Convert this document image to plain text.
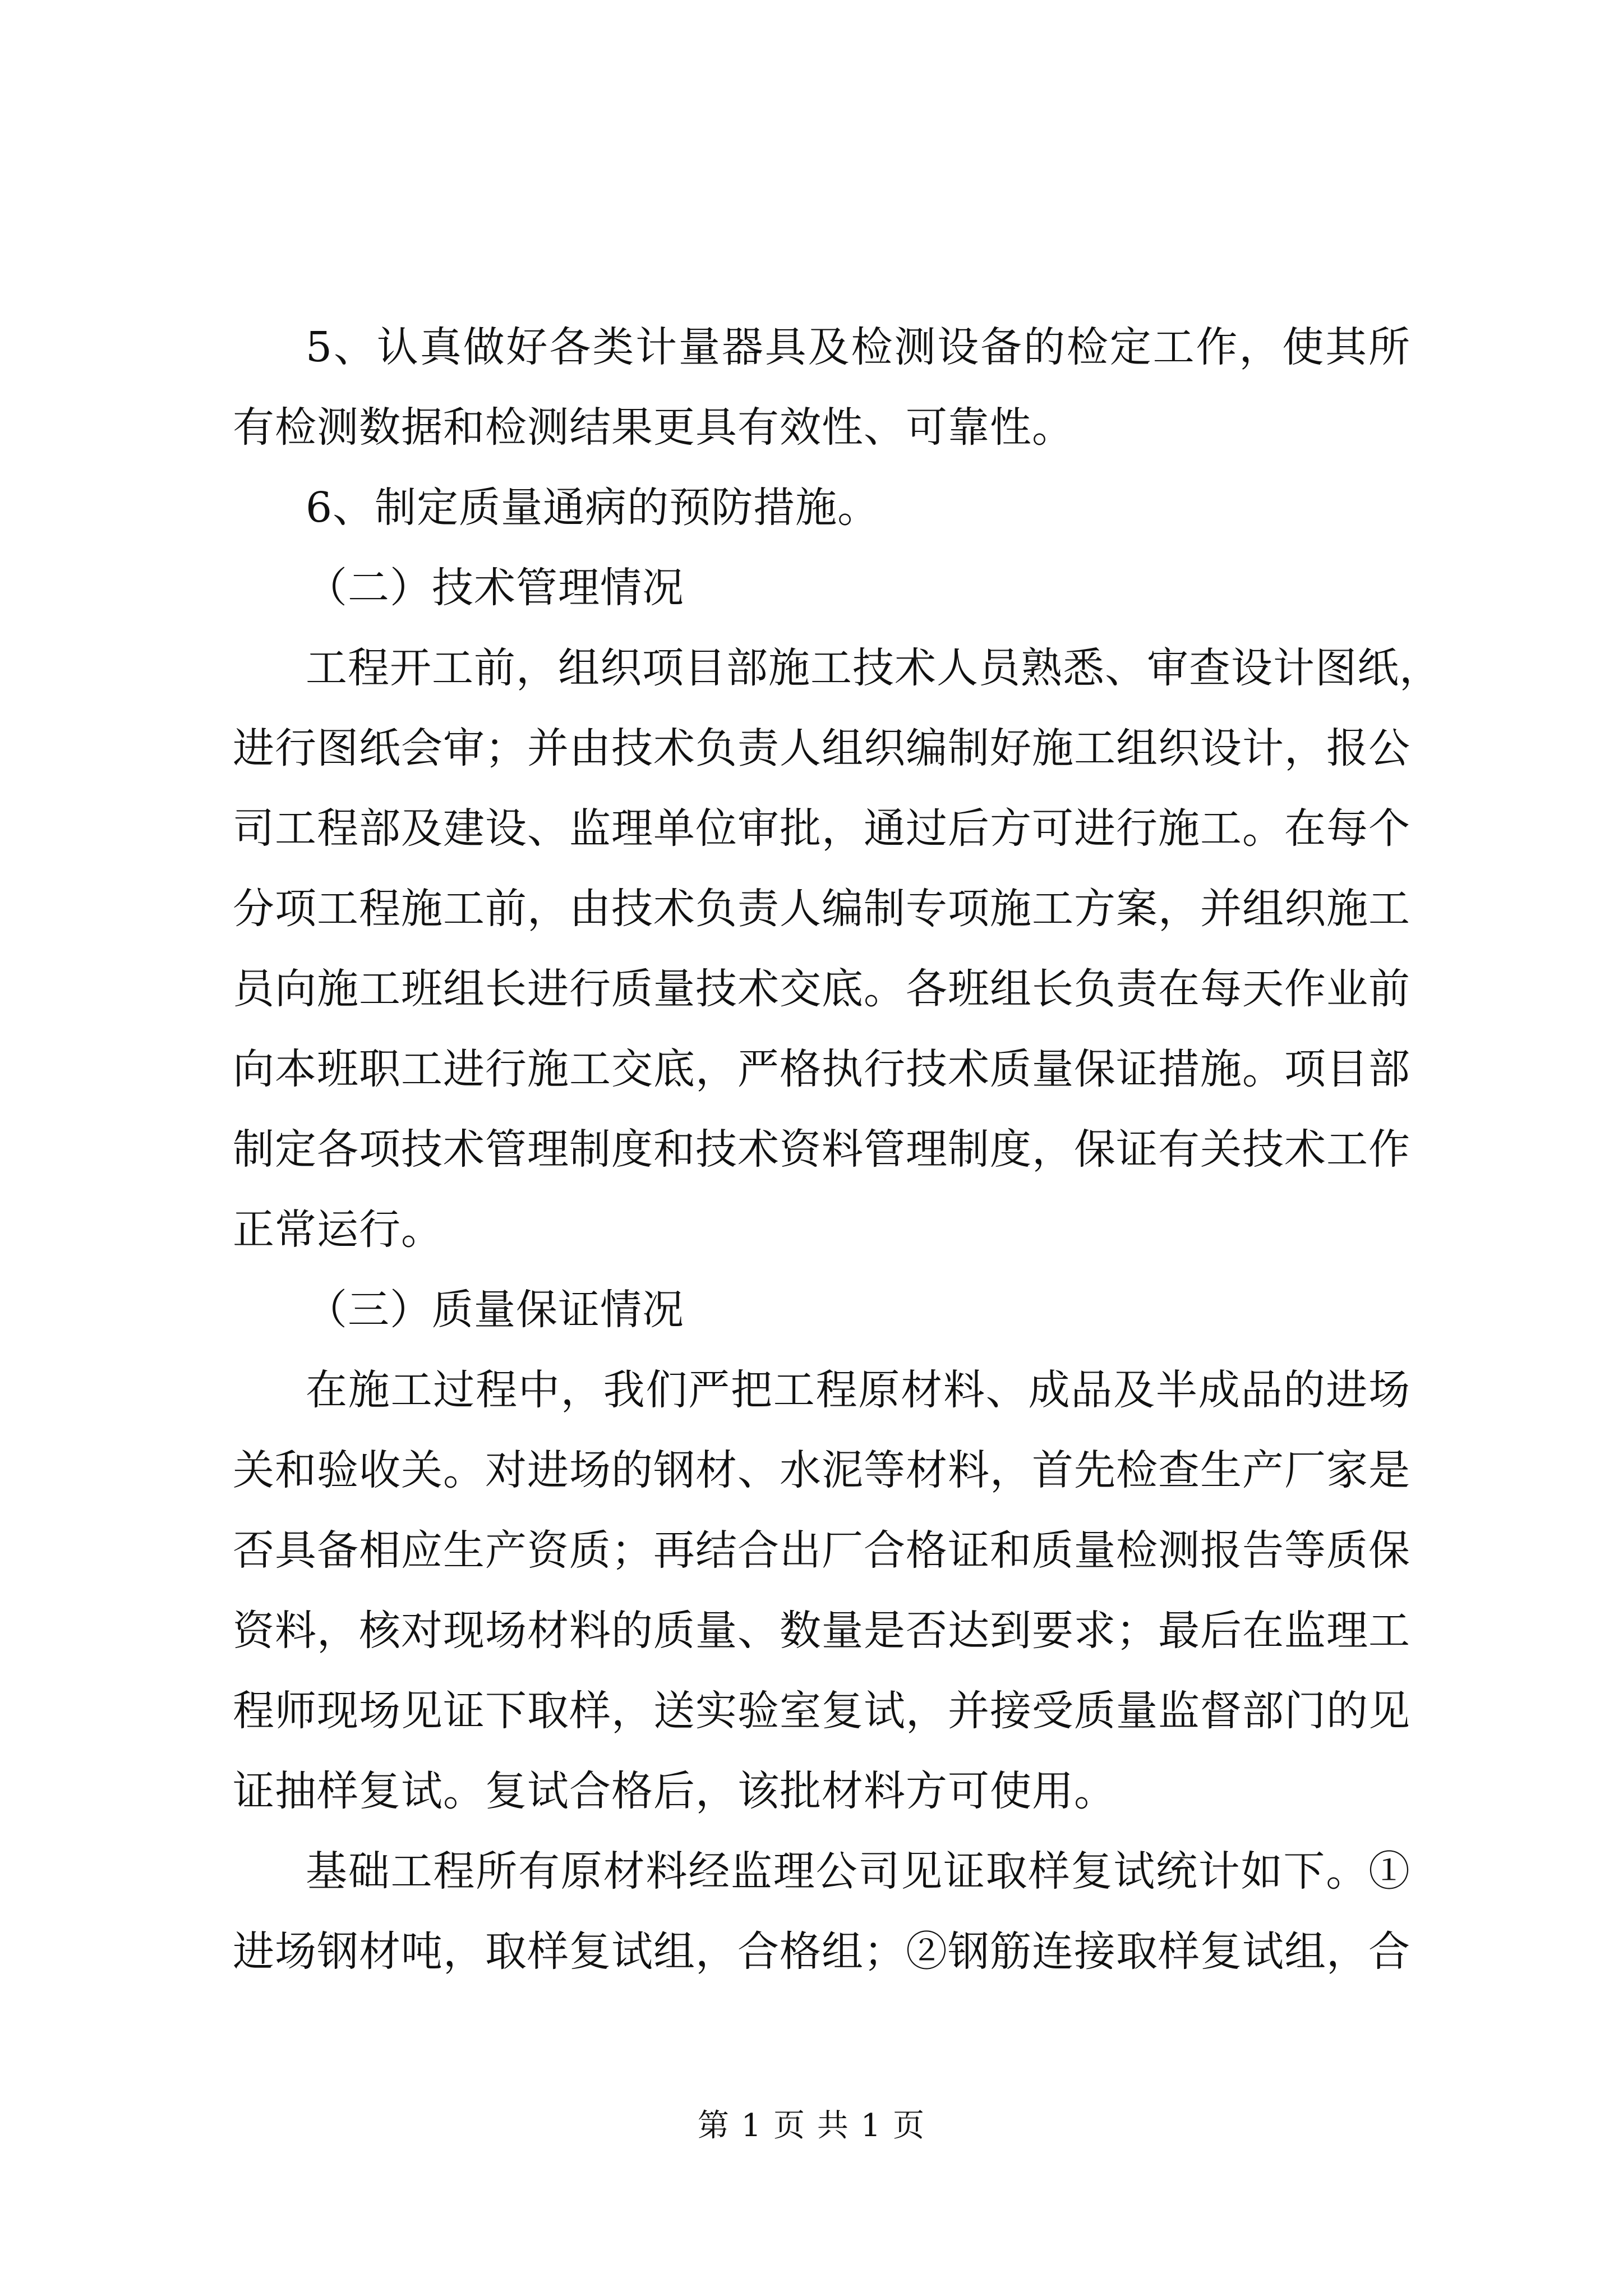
5、认真做好各类计量器具及检测设备的检定工作，使其所
有检测数据和检测结果更具有效性、可靠性。
6、制定质量通病的预防措施。
（二）技术管理情况
工程开工前，组织项目部施工技术人员熟悉、审查设计图纸，
进行图纸会审；并由技术负责人组织编制好施工组织设计，报公
司工程部及建设、监理单位审批，通过后方可进行施工。在每个
分项工程施工前，由技术负责人编制专项施工方案，并组织施工
员向施工班组长进行质量技术交底。各班组长负责在每天作业前
向本班职工进行施工交底，严格执行技术质量保证措施。项目部
制定各项技术管理制度和技术资料管理制度，保证有关技术工作
正常运行。
（三）质量保证情况
在施工过程中，我们严把工程原材料、成品及半成品的进场
关和验收关。对进场的钢材、水泥等材料，首先检查生产厂家是
否具备相应生产资质；再结合出厂合格证和质量检测报告等质保
资料，核对现场材料的质量、数量是否达到要求；最后在监理工
程师现场见证下取样，送实验室复试，并接受质量监督部门的见
证抽样复试。复试合格后，该批材料方可使用。
基础工程所有原材料经监理公司见证取样复试统计如下。①
进场钢材吨，取样复试组，合格组；②钢筋连接取样复试组，合
第 1 页 共 1 页
